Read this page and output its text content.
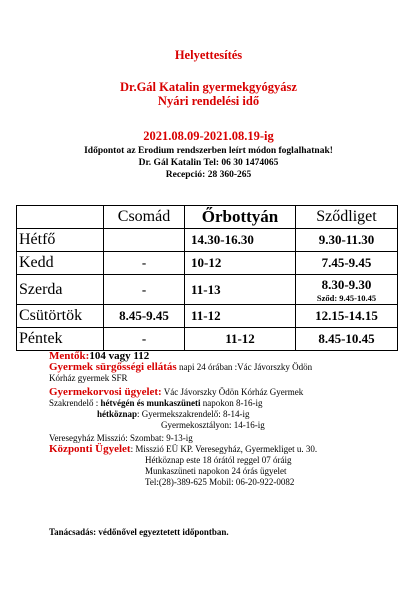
Helyettesítés
Dr.Gál Katalin gyermekgyógyász
Nyári rendelési idő
2021.08.09-2021.08.19-ig
Időpontot az Erodium rendszerben leírt módon foglalhatnak!
Dr. Gál Katalin Tel: 06 30 1474065
Recepció: 28 360-265
	Csomád	Őrbottyán	Sződliget
Hétfő		14.30-16.30	9.30-11.30
Kedd	-	10-12	7.45-9.45
Szerda	-	11-13	8.30-9.30
Sződ: 9.45-10.45

Csütörtök	8.45-9.45	11-12	12.15-14.15
Péntek	-	11-12	8.45-10.45
Mentők:104 vagy 112
Gyermek sürgősségi ellátás napi 24 órában :Vác Jávorszky Ödön
Kórház gyermek SFR
Gyermekorvosi ügyelet: Vác Jávorszky Ödön Kórház Gyermek
Szakrendelő : hétvégén és munkaszüneti napokon 8-16-ig
hétköznap: Gyermekszakrendelő: 8-14-ig
Gyermekosztályon: 14-16-ig
Veresegyház Misszió: Szombat: 9-13-ig
Központi Ügyelet: Misszió EÜ KP. Veresegyház, Gyermekliget u. 30.
Hétköznap este 18 órától reggel 07 óráig
Munkaszüneti napokon 24 órás ügyelet
Tel:(28)-389-625 Mobil: 06-20-922-0082
Tanácsadás: védőnővel egyeztetett időpontban.
